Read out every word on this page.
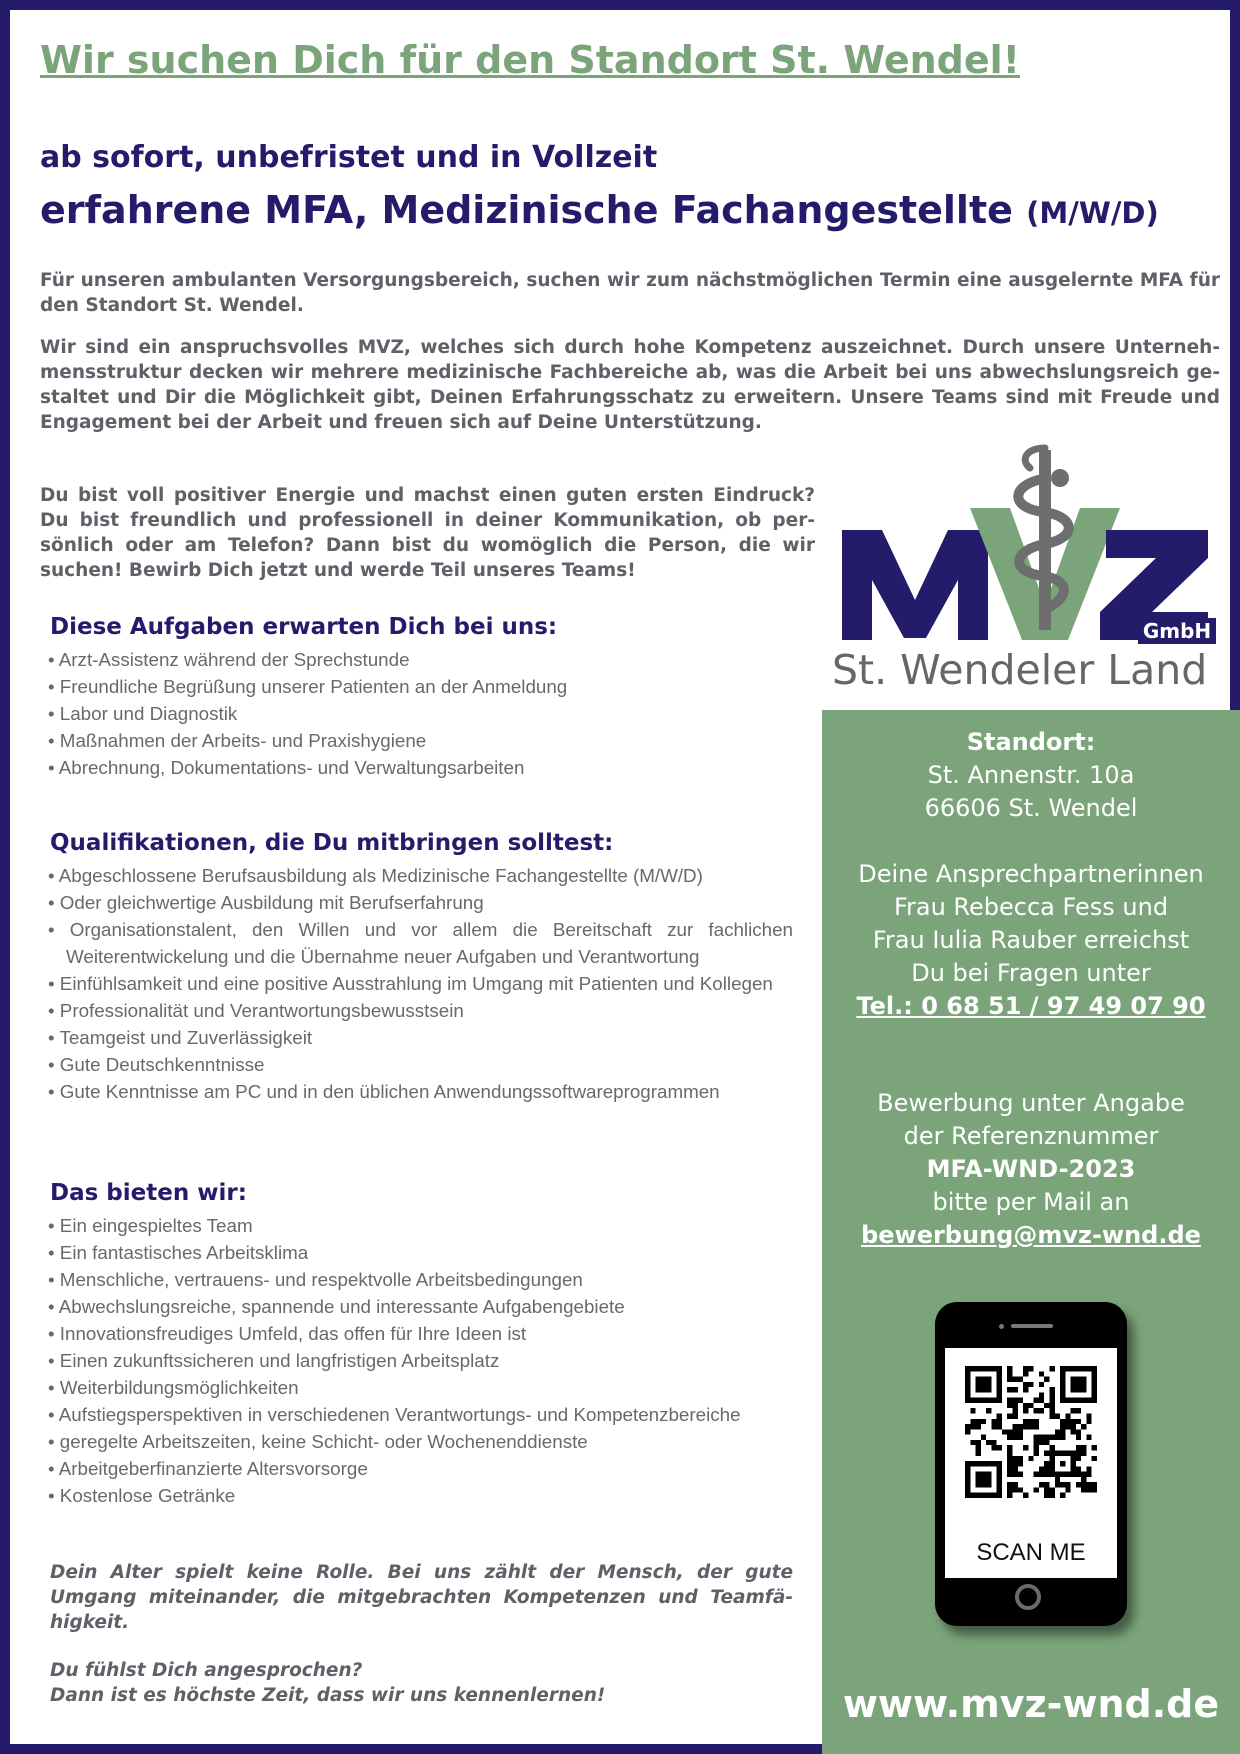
Wir suchen Dich für den Standort St. Wendel!
ab sofort, unbefristet und in Vollzeit
erfahrene MFA, Medizinische Fachangestellte (M/W/D)

Für unseren ambulanten Versorgungsbereich, suchen wir zum nächstmöglichen Termin eine ausgelernte MFA für den Standort St. Wendel.

Wir sind ein anspruchsvolles MVZ, welches sich durch hohe Kompetenz auszeichnet. Durch unsere Unternehmensstruktur decken wir mehrere medizinische Fachbereiche ab, was die Arbeit bei uns abwechslungsreich gestaltet und Dir die Möglichkeit gibt, Deinen Erfahrungsschatz zu erweitern. Unsere Teams sind mit Freude und Engagement bei der Arbeit und freuen sich auf Deine Unterstützung.

Du bist voll positiver Energie und machst einen guten ersten Eindruck? Du bist freundlich und professionell in deiner Kommunikation, ob persönlich oder am Telefon? Dann bist du womöglich die Person, die wir suchen! Bewirb Dich jetzt und werde Teil unseres Teams!

Diese Aufgaben erwarten Dich bei uns:
• Arzt-Assistenz während der Sprechstunde
• Freundliche Begrüßung unserer Patienten an der Anmeldung
• Labor und Diagnostik
• Maßnahmen der Arbeits- und Praxishygiene
• Abrechnung, Dokumentations- und Verwaltungsarbeiten
Qualifikationen, die Du mitbringen solltest:
• Abgeschlossene Berufsausbildung als Medizinische Fachangestellte (M/W/D)
• Oder gleichwertige Ausbildung mit Berufserfahrung
• Organisationstalent, den Willen und vor allem die Bereitschaft zur fachlichen Weiterentwickelung und die Übernahme neuer Aufgaben und Verantwortung
• Einfühlsamkeit und eine positive Ausstrahlung im Umgang mit Patienten und Kollegen
• Professionalität und Verantwortungsbewusstsein
• Teamgeist und Zuverlässigkeit
• Gute Deutschkenntnisse
• Gute Kenntnisse am PC und in den üblichen Anwendungssoftwareprogrammen
Das bieten wir:
• Ein eingespieltes Team
• Ein fantastisches Arbeitsklima
• Menschliche, vertrauens- und respektvolle Arbeitsbedingungen
• Abwechslungsreiche, spannende und interessante Aufgabengebiete
• Innovationsfreudiges Umfeld, das offen für Ihre Ideen ist
• Einen zukunftssicheren und langfristigen Arbeitsplatz
• Weiterbildungsmöglichkeiten
• Aufstiegsperspektiven in verschiedenen Verantwortungs- und Kompetenzbereiche
• geregelte Arbeitszeiten, keine Schicht- oder Wochenenddienste
• Arbeitgeberfinanzierte Altersvorsorge
• Kostenlose Getränke

Dein Alter spielt keine Rolle. Bei uns zählt der Mensch, der gute Umgang miteinander, die mitgebrachten Kompetenzen und Teamfähigkeit.

Du fühlst Dich angesprochen?
Dann ist es höchste Zeit, dass wir uns kennenlernen!

GmbH

St. Wendeler Land

Standort:

St. Annenstr. 10a

66606 St. Wendel

Deine Ansprechpartnerinnen

Frau Rebecca Fess und

Frau Iulia Rauber erreichst

Du bei Fragen unter

Tel.: 0 68 51 / 97 49 07 90

Bewerbung unter Angabe

der Referenznummer

MFA-WND-2023

bitte per Mail an

bewerbung@mvz-wnd.de

SCAN ME

www.mvz-wnd.de
